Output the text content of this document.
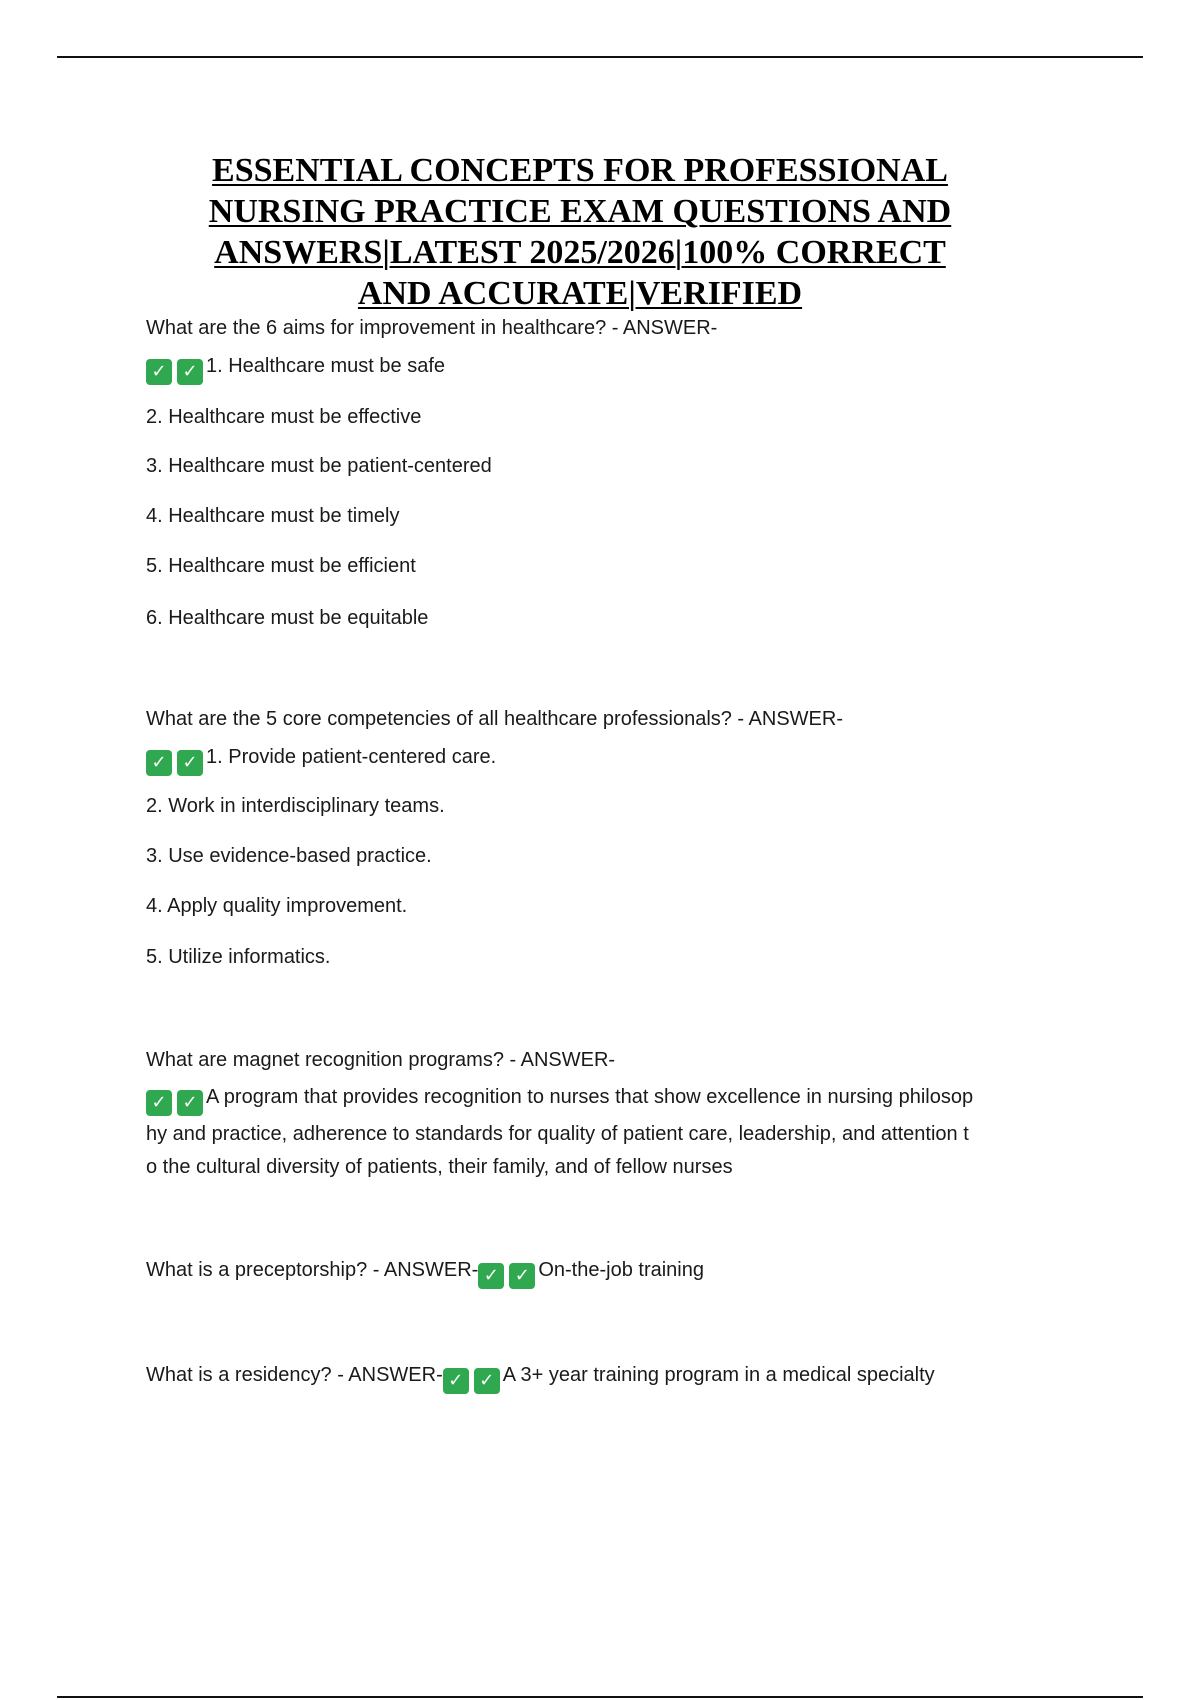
ESSENTIAL CONCEPTS FOR PROFESSIONAL
NURSING PRACTICE EXAM QUESTIONS AND
ANSWERS|LATEST 2025/2026|100% CORRECT
AND ACCURATE|VERIFIED
What are the 6 aims for improvement in healthcare? - ANSWER-
✓ ✓ 1. Healthcare must be safe
2. Healthcare must be effective
3. Healthcare must be patient-centered
4. Healthcare must be timely
5. Healthcare must be efficient
6. Healthcare must be equitable
What are the 5 core competencies of all healthcare professionals? - ANSWER-
✓ ✓ 1. Provide patient-centered care.
2. Work in interdisciplinary teams.
3. Use evidence-based practice.
4. Apply quality improvement.
5. Utilize informatics.
What are magnet recognition programs? - ANSWER-
✓ ✓ A program that provides recognition to nurses that show excellence in nursing philosop
hy and practice, adherence to standards for quality of patient care, leadership, and attention t
o the cultural diversity of patients, their family, and of fellow nurses
What is a preceptorship? - ANSWER- ✓ ✓ On-the-job training
What is a residency? - ANSWER- ✓ ✓ A 3+ year training program in a medical specialty
